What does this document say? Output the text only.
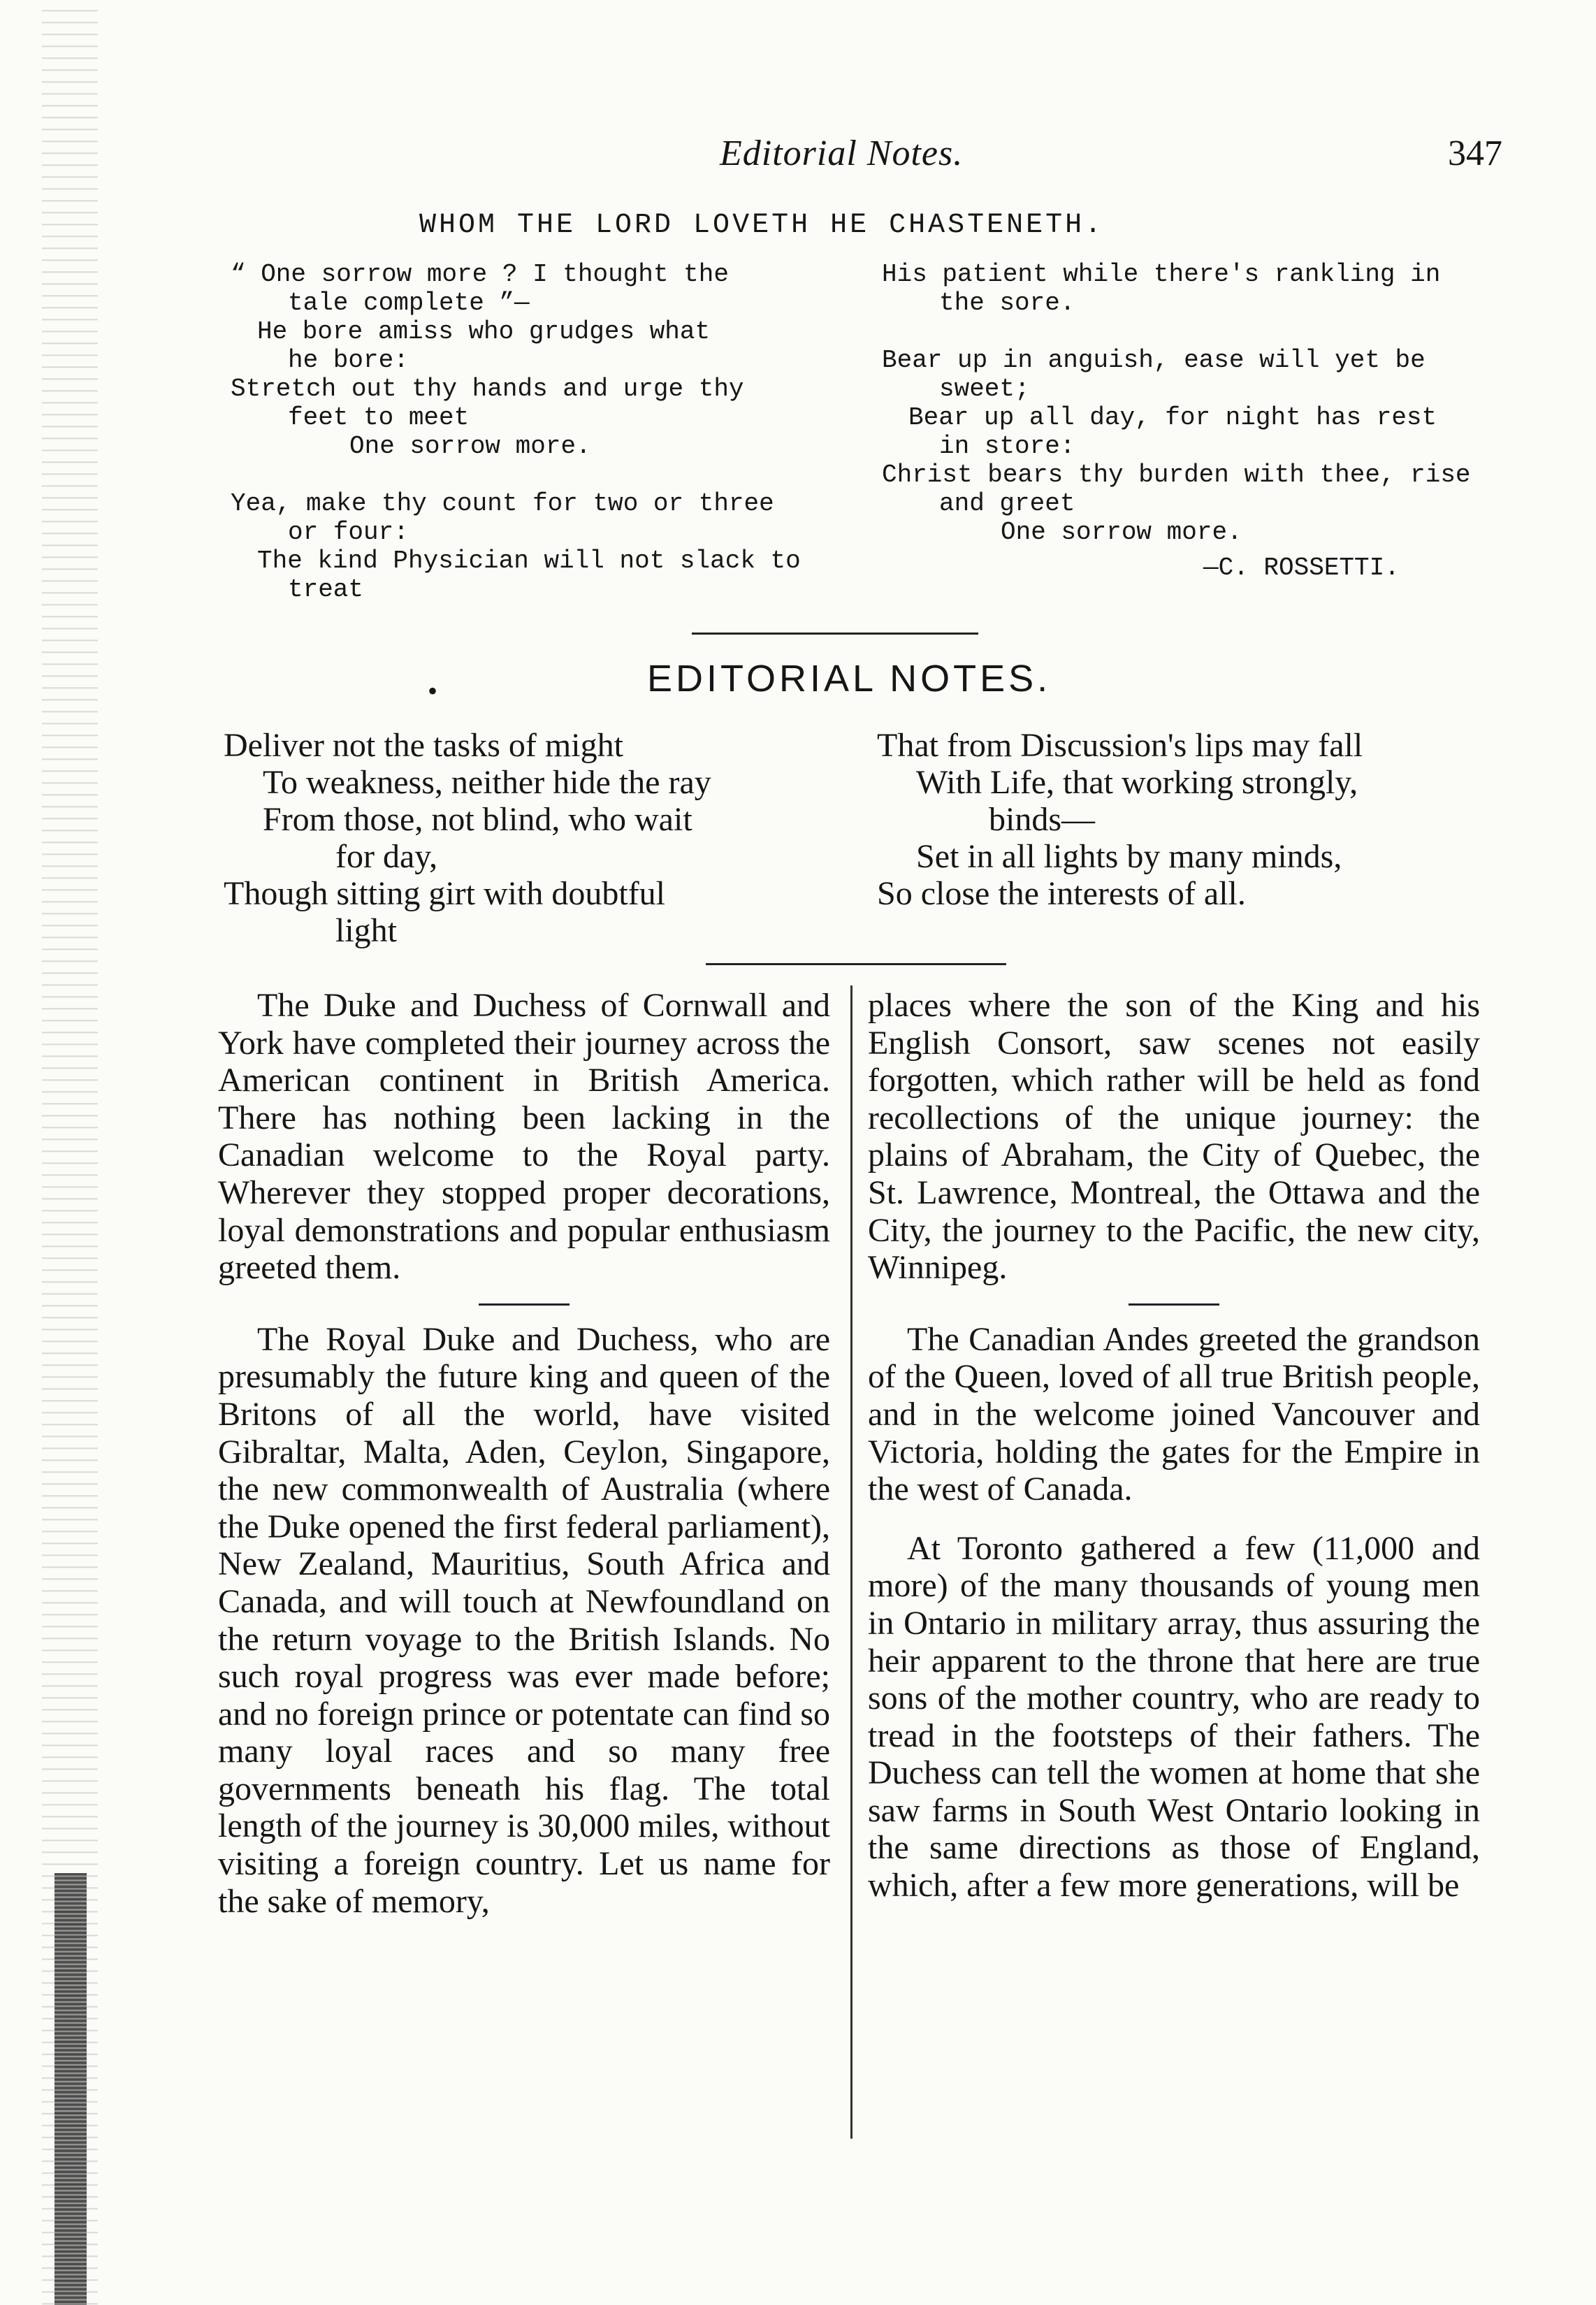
Editorial Notes.	347
WHOM THE LORD LOVETH HE CHASTENETH.

“ One sorrow more ? I thought the

tale complete ”—

He bore amiss who grudges what

he bore:

Stretch out thy hands and urge thy

feet to meet

One sorrow more.

Yea, make thy count for two or three

or four:

The kind Physician will not slack to

treat

His patient while there's rankling in

the sore.

Bear up in anguish, ease will yet be

sweet;

Bear up all day, for night has rest

in store:

Christ bears thy burden with thee, rise

and greet

One sorrow more.

—C. ROSSETTI.

•	EDITORIAL NOTES.

Deliver not the tasks of might

To weakness, neither hide the ray

From those, not blind, who wait

for day,

Though sitting girt with doubtful

light

That from Discussion's lips may fall

With Life, that working strongly,

binds—

Set in all lights by many minds,

So close the interests of all.

The Duke and Duchess of Cornwall and York have completed their journey across the American continent in British America. There has nothing been lacking in the Canadian welcome to the Royal party. Wherever they stopped proper decorations, loyal demonstrations and popular enthusiasm greeted them.

The Royal Duke and Duchess, who are presumably the future king and queen of the Britons of all the world, have visited Gibraltar, Malta, Aden, Ceylon, Singapore, the new commonwealth of Australia (where the Duke opened the first federal parliament), New Zealand, Mauritius, South Africa and Canada, and will touch at Newfoundland on the return voyage to the British Islands. No such royal progress was ever made before; and no foreign prince or potentate can find so many loyal races and so many free governments beneath his flag. The total length of the journey is 30,000 miles, without visiting a foreign country. Let us name for the sake of memory,

places where the son of the King and his English Consort, saw scenes not easily forgotten, which rather will be held as fond recollections of the unique journey: the plains of Abraham, the City of Quebec, the St. Lawrence, Montreal, the Ottawa and the City, the journey to the Pacific, the new city, Winnipeg.

The Canadian Andes greeted the grandson of the Queen, loved of all true British people, and in the welcome joined Vancouver and Victoria, holding the gates for the Empire in the west of Canada.

At Toronto gathered a few (11,000 and more) of the many thousands of young men in Ontario in military array, thus assuring the heir apparent to the throne that here are true sons of the mother country, who are ready to tread in the footsteps of their fathers. The Duchess can tell the women at home that she saw farms in South West Ontario looking in the same directions as those of England, which, after a few more generations, will be
